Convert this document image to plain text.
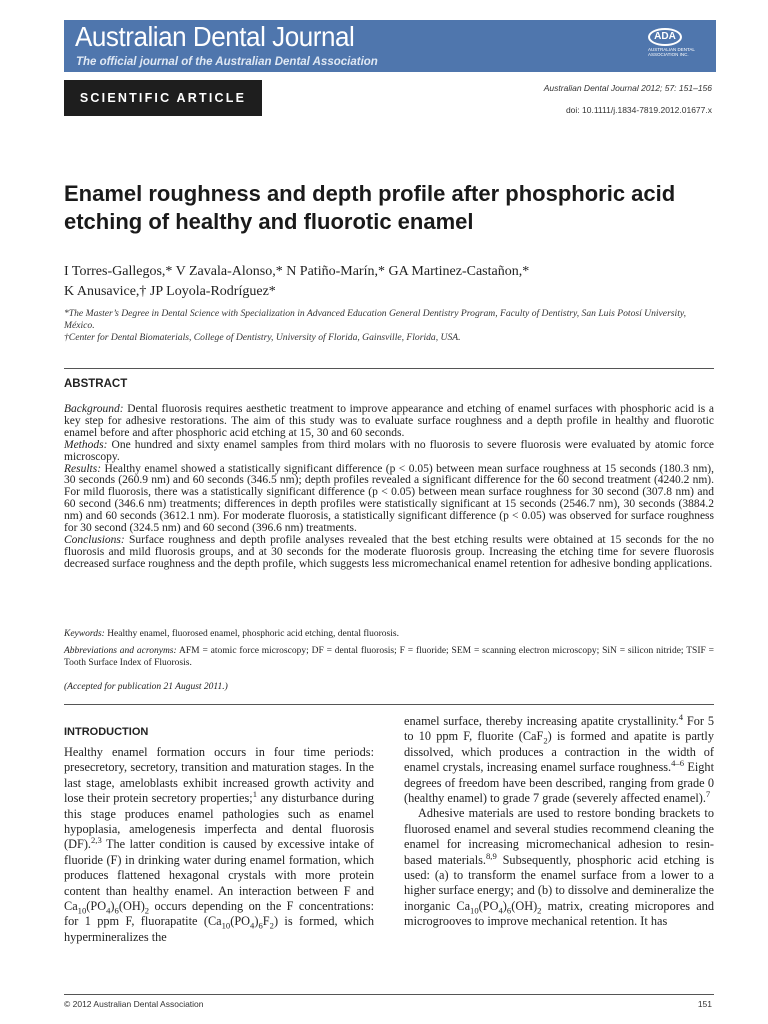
Australian Dental Journal
The official journal of the Australian Dental Association
ADA
AUSTRALIAN DENTAL ASSOCIATION INC.
SCIENTIFIC ARTICLE
Australian Dental Journal 2012; 57: 151–156
doi: 10.1111/j.1834-7819.2012.01677.x
Enamel roughness and depth profile after phosphoric acid etching of healthy and fluorotic enamel
I Torres-Gallegos,* V Zavala-Alonso,* N Patiño-Marín,* GA Martinez-Castañon,*
K Anusavice,† JP Loyola-Rodríguez*

*The Master’s Degree in Dental Science with Specialization in Advanced Education General Dentistry Program, Faculty of Dentistry, San Luis Potosí University, México.

†Center for Dental Biomaterials, College of Dentistry, University of Florida, Gainsville, Florida, USA.

ABSTRACT

Background: Dental fluorosis requires aesthetic treatment to improve appearance and etching of enamel surfaces with phosphoric acid is a key step for adhesive restorations. The aim of this study was to evaluate surface roughness and a depth profile in healthy and fluorotic enamel before and after phosphoric acid etching at 15, 30 and 60 seconds.

Methods: One hundred and sixty enamel samples from third molars with no fluorosis to severe fluorosis were evaluated by atomic force microscopy.

Results: Healthy enamel showed a statistically significant difference (p < 0.05) between mean surface roughness at 15 seconds (180.3 nm), 30 seconds (260.9 nm) and 60 seconds (346.5 nm); depth profiles revealed a significant difference for the 60 second treatment (4240.2 nm). For mild fluorosis, there was a statistically significant difference (p < 0.05) between mean surface roughness for 30 second (307.8 nm) and 60 second (346.6 nm) treatments; differences in depth profiles were statistically significant at 15 seconds (2546.7 nm), 30 seconds (3884.2 nm) and 60 seconds (3612.1 nm). For moderate fluorosis, a statistically significant difference (p < 0.05) was observed for surface roughness for 30 second (324.5 nm) and 60 second (396.6 nm) treatments.

Conclusions: Surface roughness and depth profile analyses revealed that the best etching results were obtained at 15 seconds for the no fluorosis and mild fluorosis groups, and at 30 seconds for the moderate fluorosis group. Increasing the etching time for severe fluorosis decreased surface roughness and the depth profile, which suggests less micromechanical enamel retention for adhesive bonding applications.

Keywords: Healthy enamel, fluorosed enamel, phosphoric acid etching, dental fluorosis.
Abbreviations and acronyms: AFM = atomic force microscopy; DF = dental fluorosis; F = fluoride; SEM = scanning electron microscopy; SiN = silicon nitride; TSIF = Tooth Surface Index of Fluorosis.
(Accepted for publication 21 August 2011.)
INTRODUCTION

Healthy enamel formation occurs in four time periods: presecretory, secretory, transition and maturation stages. In the last stage, ameloblasts exhibit increased growth activity and lose their protein secretory properties;$^1$ any disturbance during this stage produces enamel pathologies such as enamel hypoplasia, amelogenesis imperfecta and dental fluorosis (DF).$^{2,3}$ The latter condition is caused by excessive intake of fluoride (F) in drinking water during enamel formation, which produces flattened hexagonal crystals with more protein content than healthy enamel. An interaction between F and $Ca_{10}(PO_4)_6(OH)_2$ occurs depending on the F concentrations: for 1 ppm F, fluorapatite $(Ca_{10}(PO_4)_6F_2)$ is formed, which hypermineralizes the

enamel surface, thereby increasing apatite crystallinity.$^4$ For 5 to 10 ppm F, fluorite (CaF$_2$) is formed and apatite is partly dissolved, which produces a contraction in the width of enamel crystals, increasing enamel surface roughness.$^{4-6}$ Eight degrees of freedom have been described, ranging from grade 0 (healthy enamel) to grade 7 grade (severely affected enamel).$^7$

Adhesive materials are used to restore bonding brackets to fluorosed enamel and several studies recommend cleaning the enamel for increasing micromechanical adhesion to resin-based materials.$^{8,9}$ Subsequently, phosphoric acid etching is used: (a) to transform the enamel surface from a lower to a higher surface energy; and (b) to dissolve and demineralize the inorganic $Ca_{10}(PO_4)_6(OH)_2$ matrix, creating micropores and microgrooves to improve mechanical retention. It has

© 2012 Australian Dental Association	151
